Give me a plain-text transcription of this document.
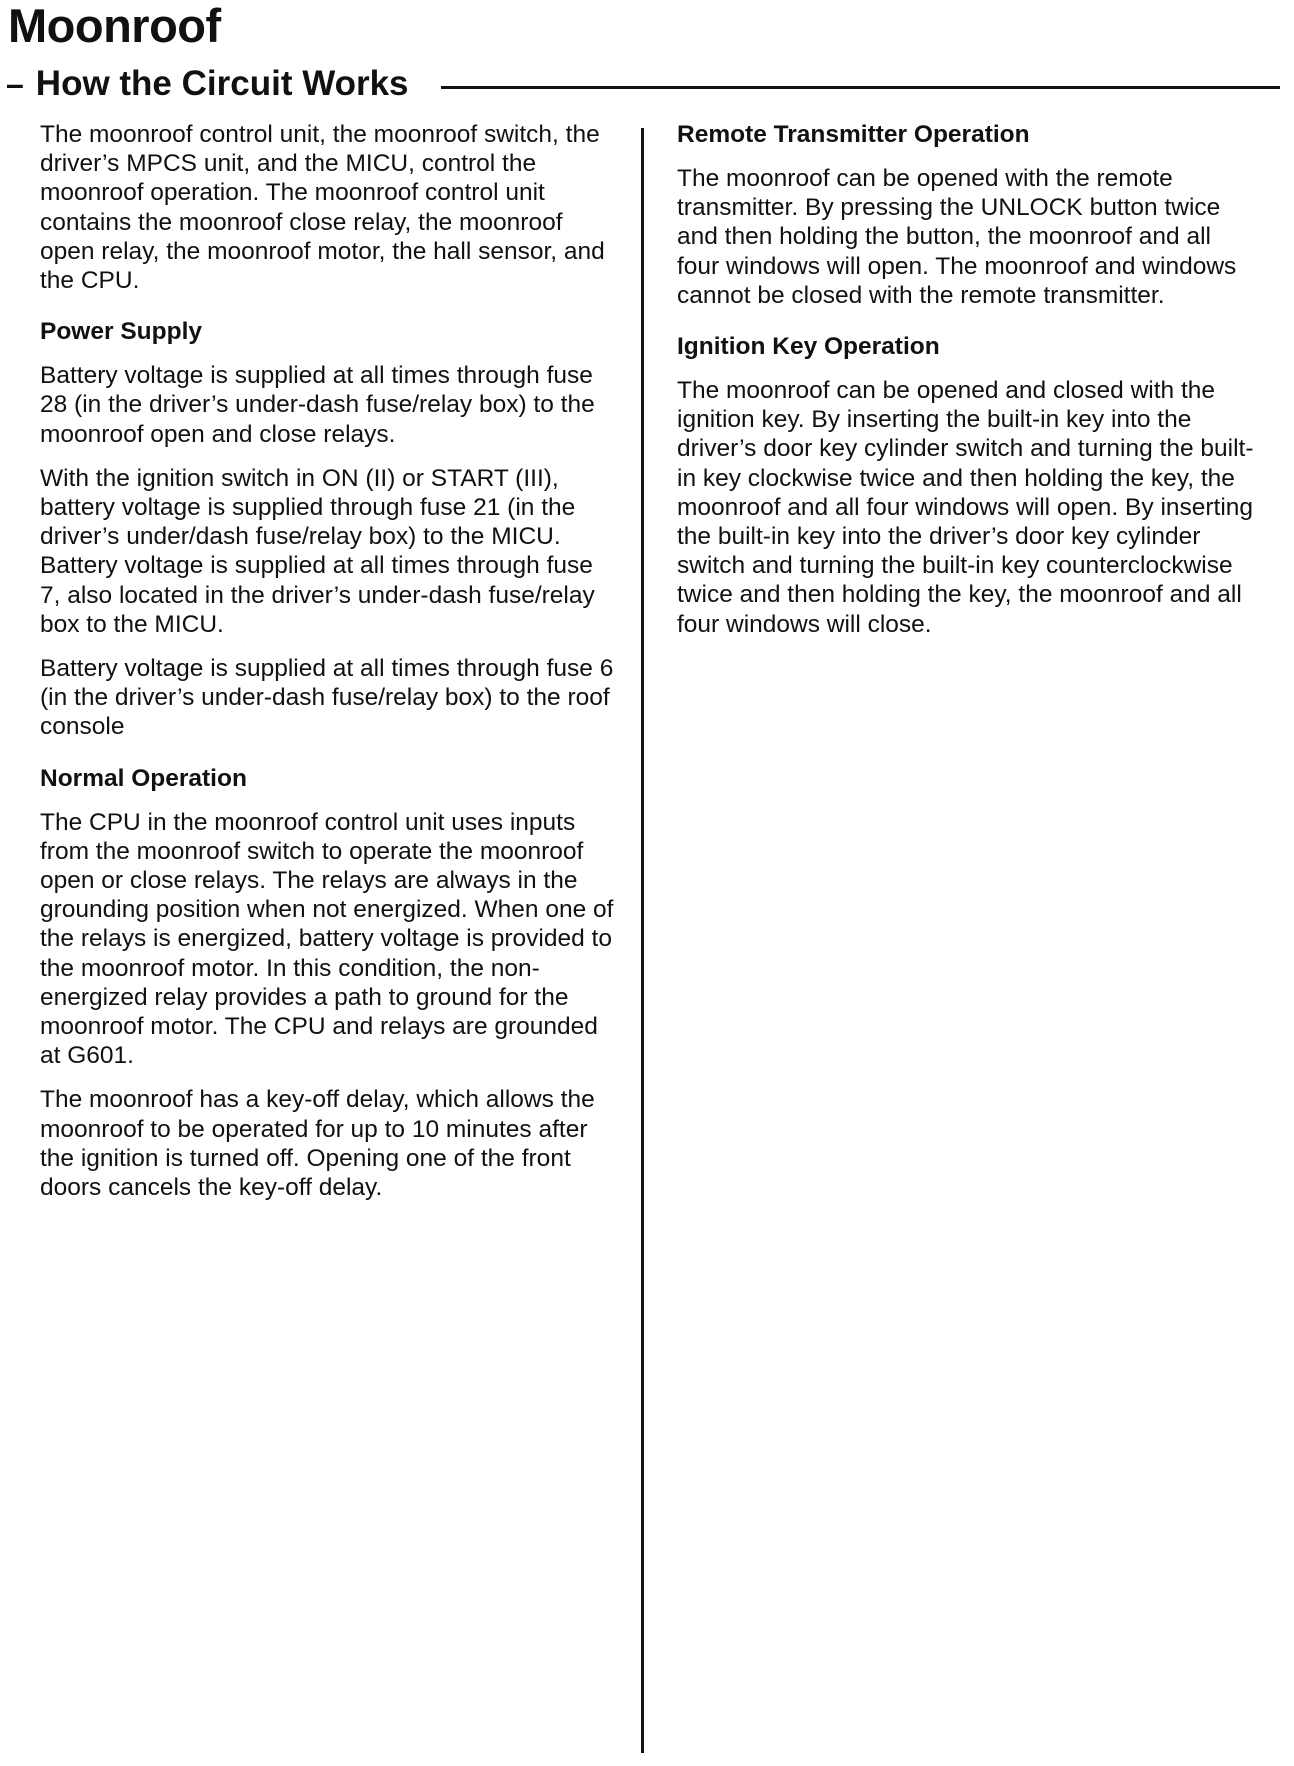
Moonroof
– How the Circuit Works

The moonroof control unit, the moonroof switch, the driver’s MPCS unit, and the MICU, control the moonroof operation. The moonroof control unit contains the moonroof close relay, the moonroof open relay, the moonroof motor, the hall sensor, and the CPU.

Power Supply

Battery voltage is supplied at all times through fuse 28 (in the driver’s under-dash fuse/relay box) to the moonroof open and close relays.

With the ignition switch in ON (II) or START (III), battery voltage is supplied through fuse 21 (in the driver’s under/dash fuse/relay box) to the MICU. Battery voltage is supplied at all times through fuse 7, also located in the driver’s under-dash fuse/relay box to the MICU.

Battery voltage is supplied at all times through fuse 6 (in the driver’s under-dash fuse/relay box) to the roof console

Normal Operation

The CPU in the moonroof control unit uses inputs from the moonroof switch to operate the moonroof open or close relays. The relays are always in the grounding position when not energized. When one of the relays is energized, battery voltage is provided to the moonroof motor. In this condition, the non-energized relay provides a path to ground for the moonroof motor. The CPU and relays are grounded at G601.

The moonroof has a key-off delay, which allows the moonroof to be operated for up to 10 minutes after the ignition is turned off. Opening one of the front doors cancels the key-off delay.

Remote Transmitter Operation

The moonroof can be opened with the remote transmitter. By pressing the UNLOCK button twice and then holding the button, the moonroof and all four windows will open. The moonroof and windows cannot be closed with the remote transmitter.

Ignition Key Operation

The moonroof can be opened and closed with the ignition key. By inserting the built-in key into the driver’s door key cylinder switch and turning the built-in key clockwise twice and then holding the key, the moonroof and all four windows will open. By inserting the built-in key into the driver’s door key cylinder switch and turning the built-in key counterclockwise twice and then holding the key, the moonroof and all four windows will close.
